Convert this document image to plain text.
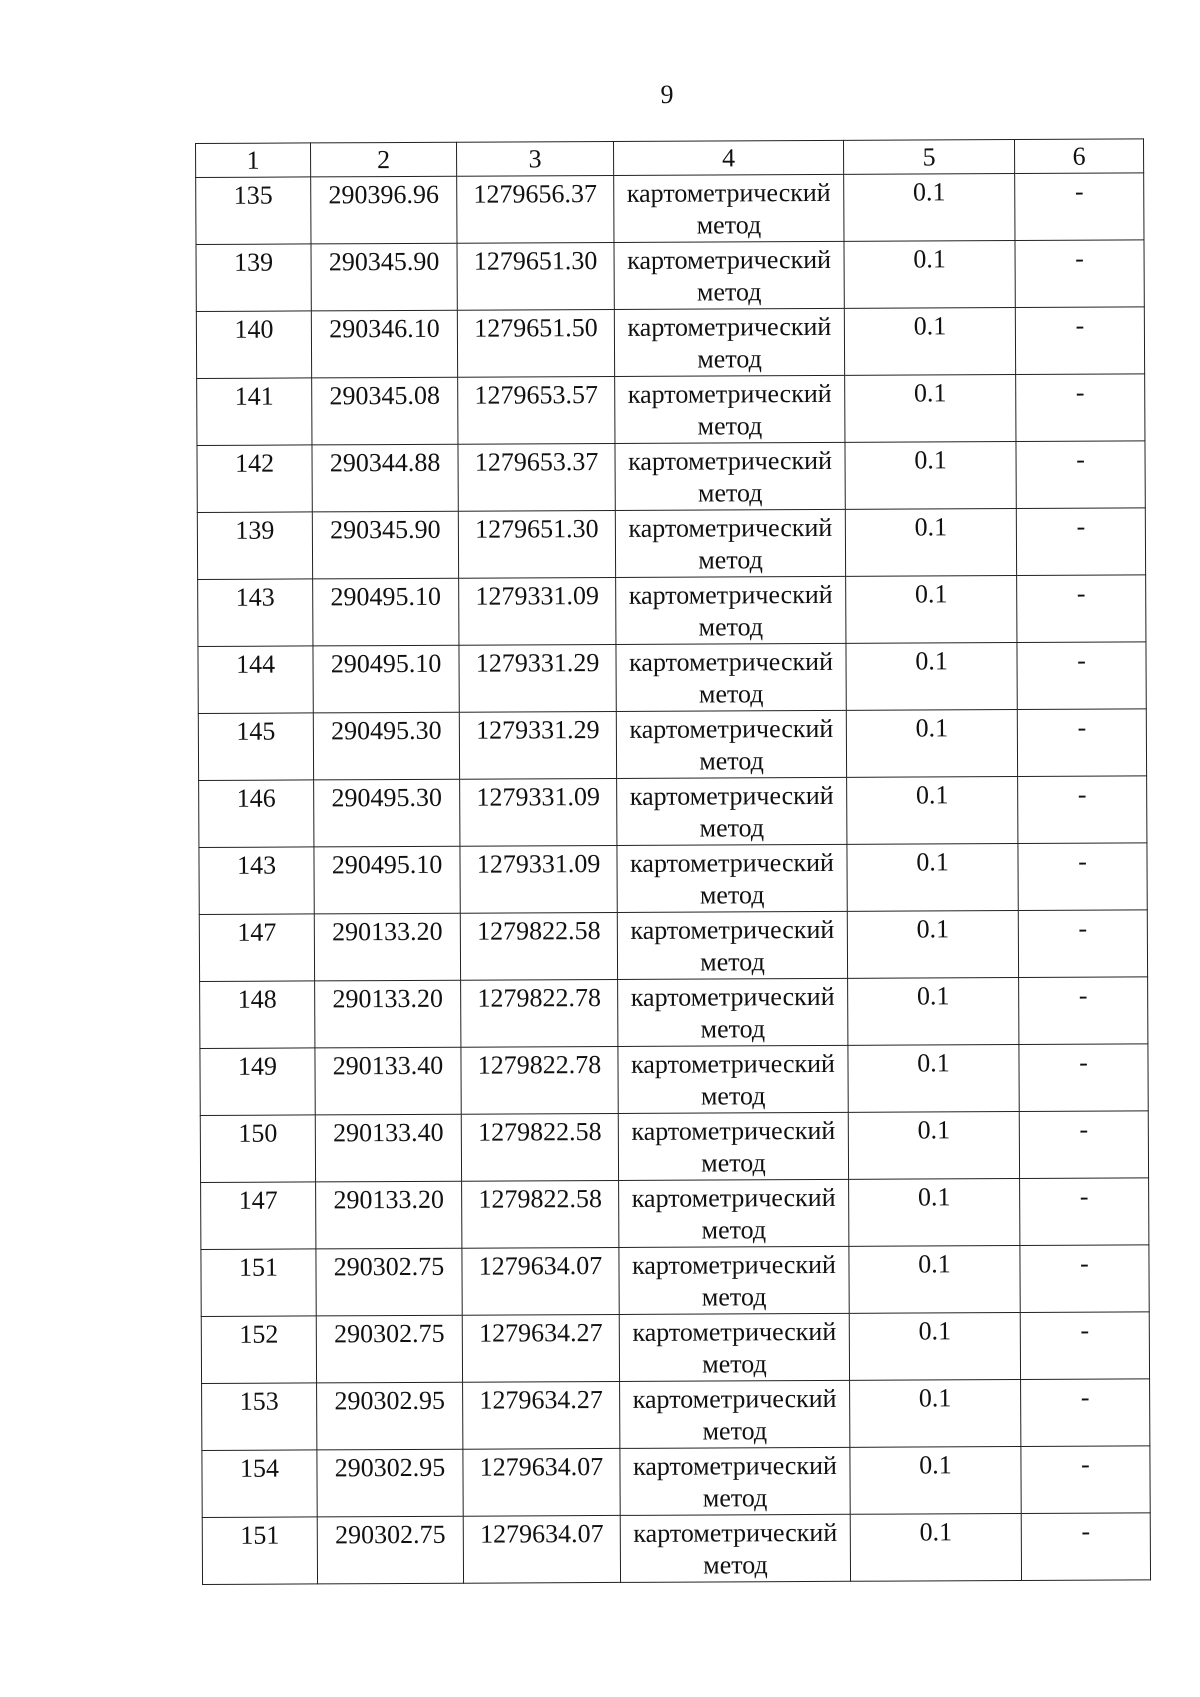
9
1	2	3	4	5	6
135	290396.96	1279656.37	картометрический метод	0.1	-
139	290345.90	1279651.30	картометрический метод	0.1	-
140	290346.10	1279651.50	картометрический метод	0.1	-
141	290345.08	1279653.57	картометрический метод	0.1	-
142	290344.88	1279653.37	картометрический метод	0.1	-
139	290345.90	1279651.30	картометрический метод	0.1	-
143	290495.10	1279331.09	картометрический метод	0.1	-
144	290495.10	1279331.29	картометрический метод	0.1	-
145	290495.30	1279331.29	картометрический метод	0.1	-
146	290495.30	1279331.09	картометрический метод	0.1	-
143	290495.10	1279331.09	картометрический метод	0.1	-
147	290133.20	1279822.58	картометрический метод	0.1	-
148	290133.20	1279822.78	картометрический метод	0.1	-
149	290133.40	1279822.78	картометрический метод	0.1	-
150	290133.40	1279822.58	картометрический метод	0.1	-
147	290133.20	1279822.58	картометрический метод	0.1	-
151	290302.75	1279634.07	картометрический метод	0.1	-
152	290302.75	1279634.27	картометрический метод	0.1	-
153	290302.95	1279634.27	картометрический метод	0.1	-
154	290302.95	1279634.07	картометрический метод	0.1	-
151	290302.75	1279634.07	картометрический метод	0.1	-
